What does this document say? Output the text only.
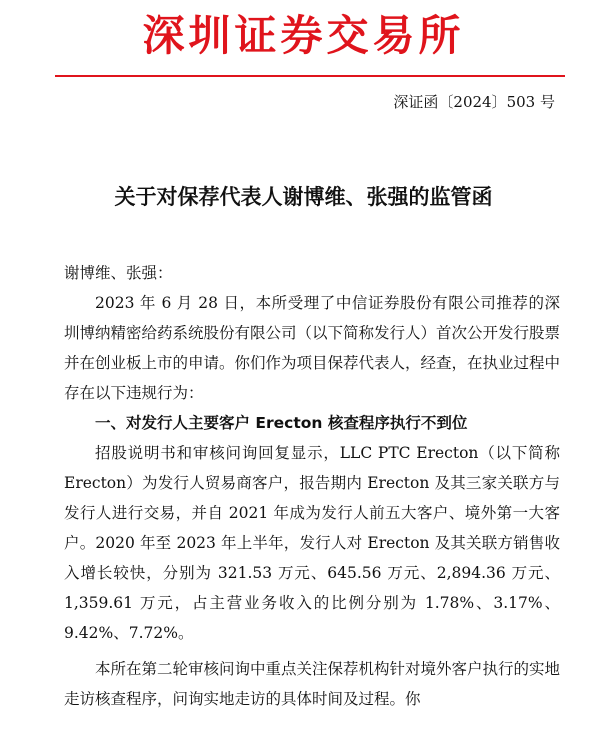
深圳证券交易所
深证函〔2024〕503 号
关于对保荐代表人谢博维、张强的监管函

谢博维、张强：

2023 年 6 月 28 日，本所受理了中信证券股份有限公司推荐的深圳博纳精密给药系统股份有限公司（以下简称发行人）首次公开发行股票并在创业板上市的申请。你们作为项目保荐代表人，经查，在执业过程中存在以下违规行为：

一、对发行人主要客户 Erecton 核查程序执行不到位

招股说明书和审核问询回复显示，LLC PTC Erecton（以下简称 Erecton）为发行人贸易商客户，报告期内 Erecton 及其三家关联方与发行人进行交易，并自 2021 年成为发行人前五大客户、境外第一大客户。2020 年至 2023 年上半年，发行人对 Erecton 及其关联方销售收入增长较快，分别为 321.53 万元、645.56 万元、2,894.36 万元、1,359.61 万元，占主营业务收入的比例分别为 1.78%、3.17%、9.42%、7.72%。

本所在第二轮审核问询中重点关注保荐机构针对境外客户执行的实地走访核查程序，问询实地走访的具体时间及过程。你
